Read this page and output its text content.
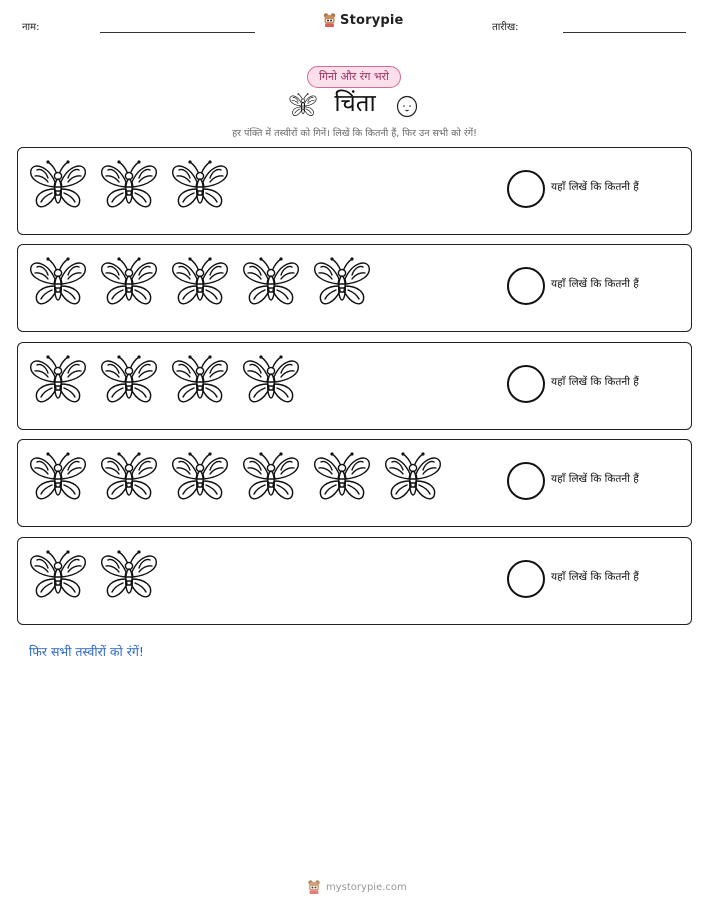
नाम:	Storypie	तारीख:
गिनो और रंग भरो
चिंता
हर पंक्ति में तस्वीरों को गिनें। लिखें कि कितनी हैं, फिर उन सभी को रंगें!
यहाँ लिखें कि कितनी हैं
यहाँ लिखें कि कितनी हैं
यहाँ लिखें कि कितनी हैं
यहाँ लिखें कि कितनी हैं
यहाँ लिखें कि कितनी हैं
फिर सभी तस्वीरों को रंगें!
mystorypie.com
